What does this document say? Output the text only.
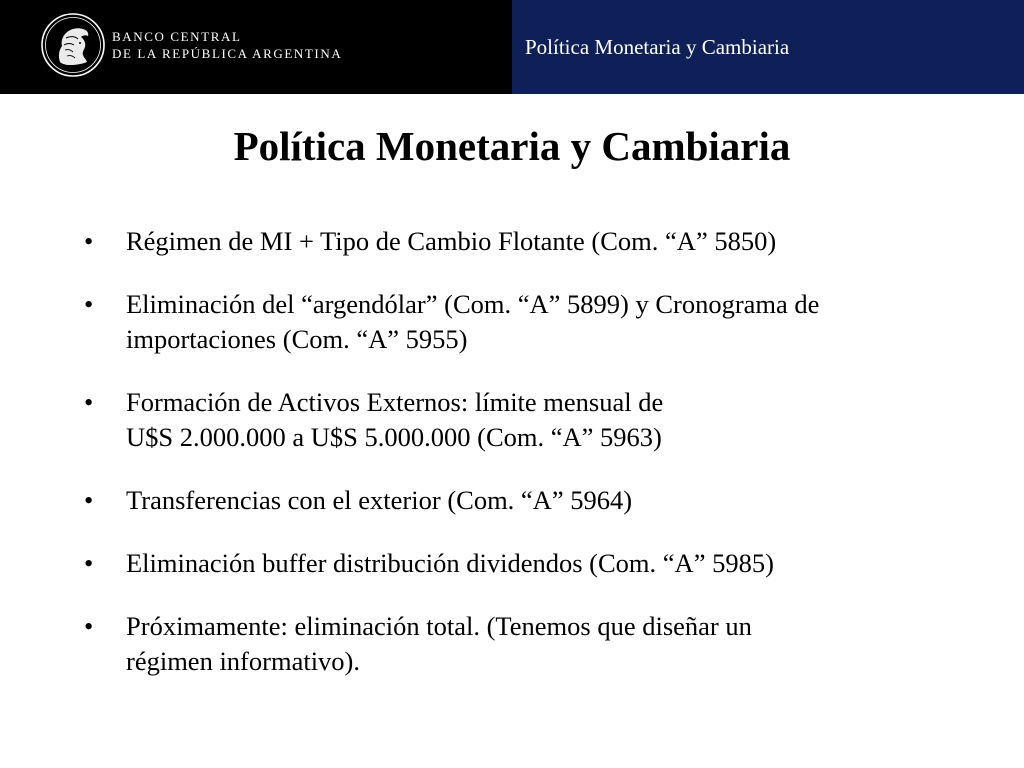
BANCO CENTRAL
DE LA REPÚBLICA ARGENTINA	Política Monetaria y Cambiaria
Política Monetaria y Cambiaria
• Régimen de MI + Tipo de Cambio Flotante (Com. “A” 5850)
• Eliminación del “argendólar” (Com. “A” 5899) y Cronograma de
importaciones (Com. “A” 5955)
• Formación de Activos Externos: límite mensual de
U$S 2.000.000 a U$S 5.000.000 (Com. “A” 5963)
• Transferencias con el exterior (Com. “A” 5964)
• Eliminación buffer distribución dividendos (Com. “A” 5985)
• Próximamente: eliminación total. (Tenemos que diseñar un
régimen informativo).
